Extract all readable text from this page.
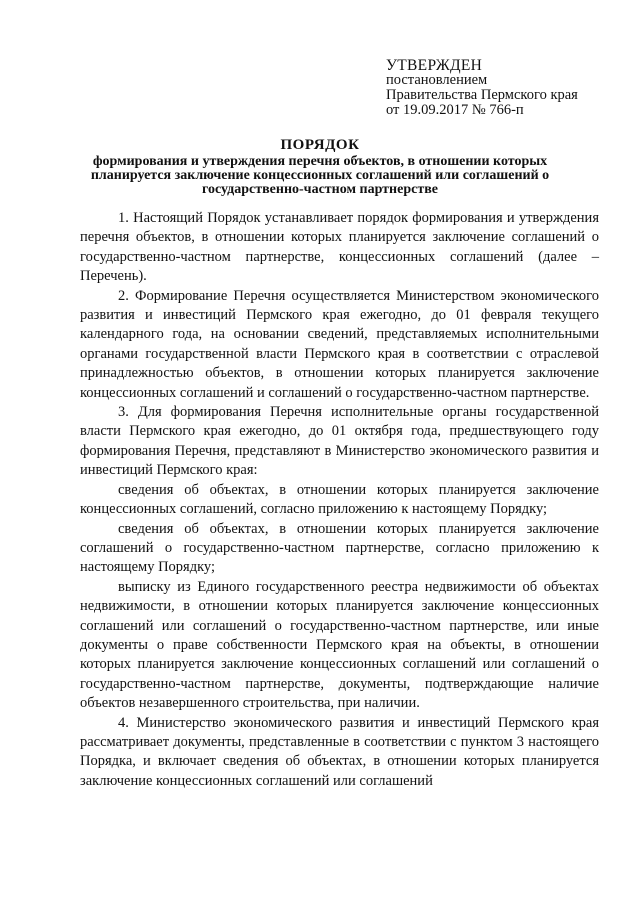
УТВЕРЖДЕН
постановлением
Правительства Пермского края
от 19.09.2017 № 766-п
ПОРЯДОК
формирования и утверждения перечня объектов, в отношении которых планируется заключение концессионных соглашений или соглашений о государственно-частном партнерстве

1. Настоящий Порядок устанавливает порядок формирования и утверждения перечня объектов, в отношении которых планируется заключение соглашений о государственно-частном партнерстве, концессионных соглашений (далее – Перечень).

2. Формирование Перечня осуществляется Министерством экономического развития и инвестиций Пермского края ежегодно, до 01 февраля текущего календарного года, на основании сведений, представляемых исполнительными органами государственной власти Пермского края в соответствии с отраслевой принадлежностью объектов, в отношении которых планируется заключение концессионных соглашений и соглашений о государственно-частном партнерстве.

3. Для формирования Перечня исполнительные органы государственной власти Пермского края ежегодно, до 01 октября года, предшествующего году формирования Перечня, представляют в Министерство экономического развития и инвестиций Пермского края:

сведения об объектах, в отношении которых планируется заключение концессионных соглашений, согласно приложению к настоящему Порядку;

сведения об объектах, в отношении которых планируется заключение соглашений о государственно-частном партнерстве, согласно приложению к настоящему Порядку;

выписку из Единого государственного реестра недвижимости об объектах недвижимости, в отношении которых планируется заключение концессионных соглашений или соглашений о государственно-частном партнерстве, или иные документы о праве собственности Пермского края на объекты, в отношении которых планируется заключение концессионных соглашений или соглашений о государственно-частном партнерстве, документы, подтверждающие наличие объектов незавершенного строительства, при наличии.

4. Министерство экономического развития и инвестиций Пермского края рассматривает документы, представленные в соответствии с пунктом 3 настоящего Порядка, и включает сведения об объектах, в отношении которых планируется заключение концессионных соглашений или соглашений
